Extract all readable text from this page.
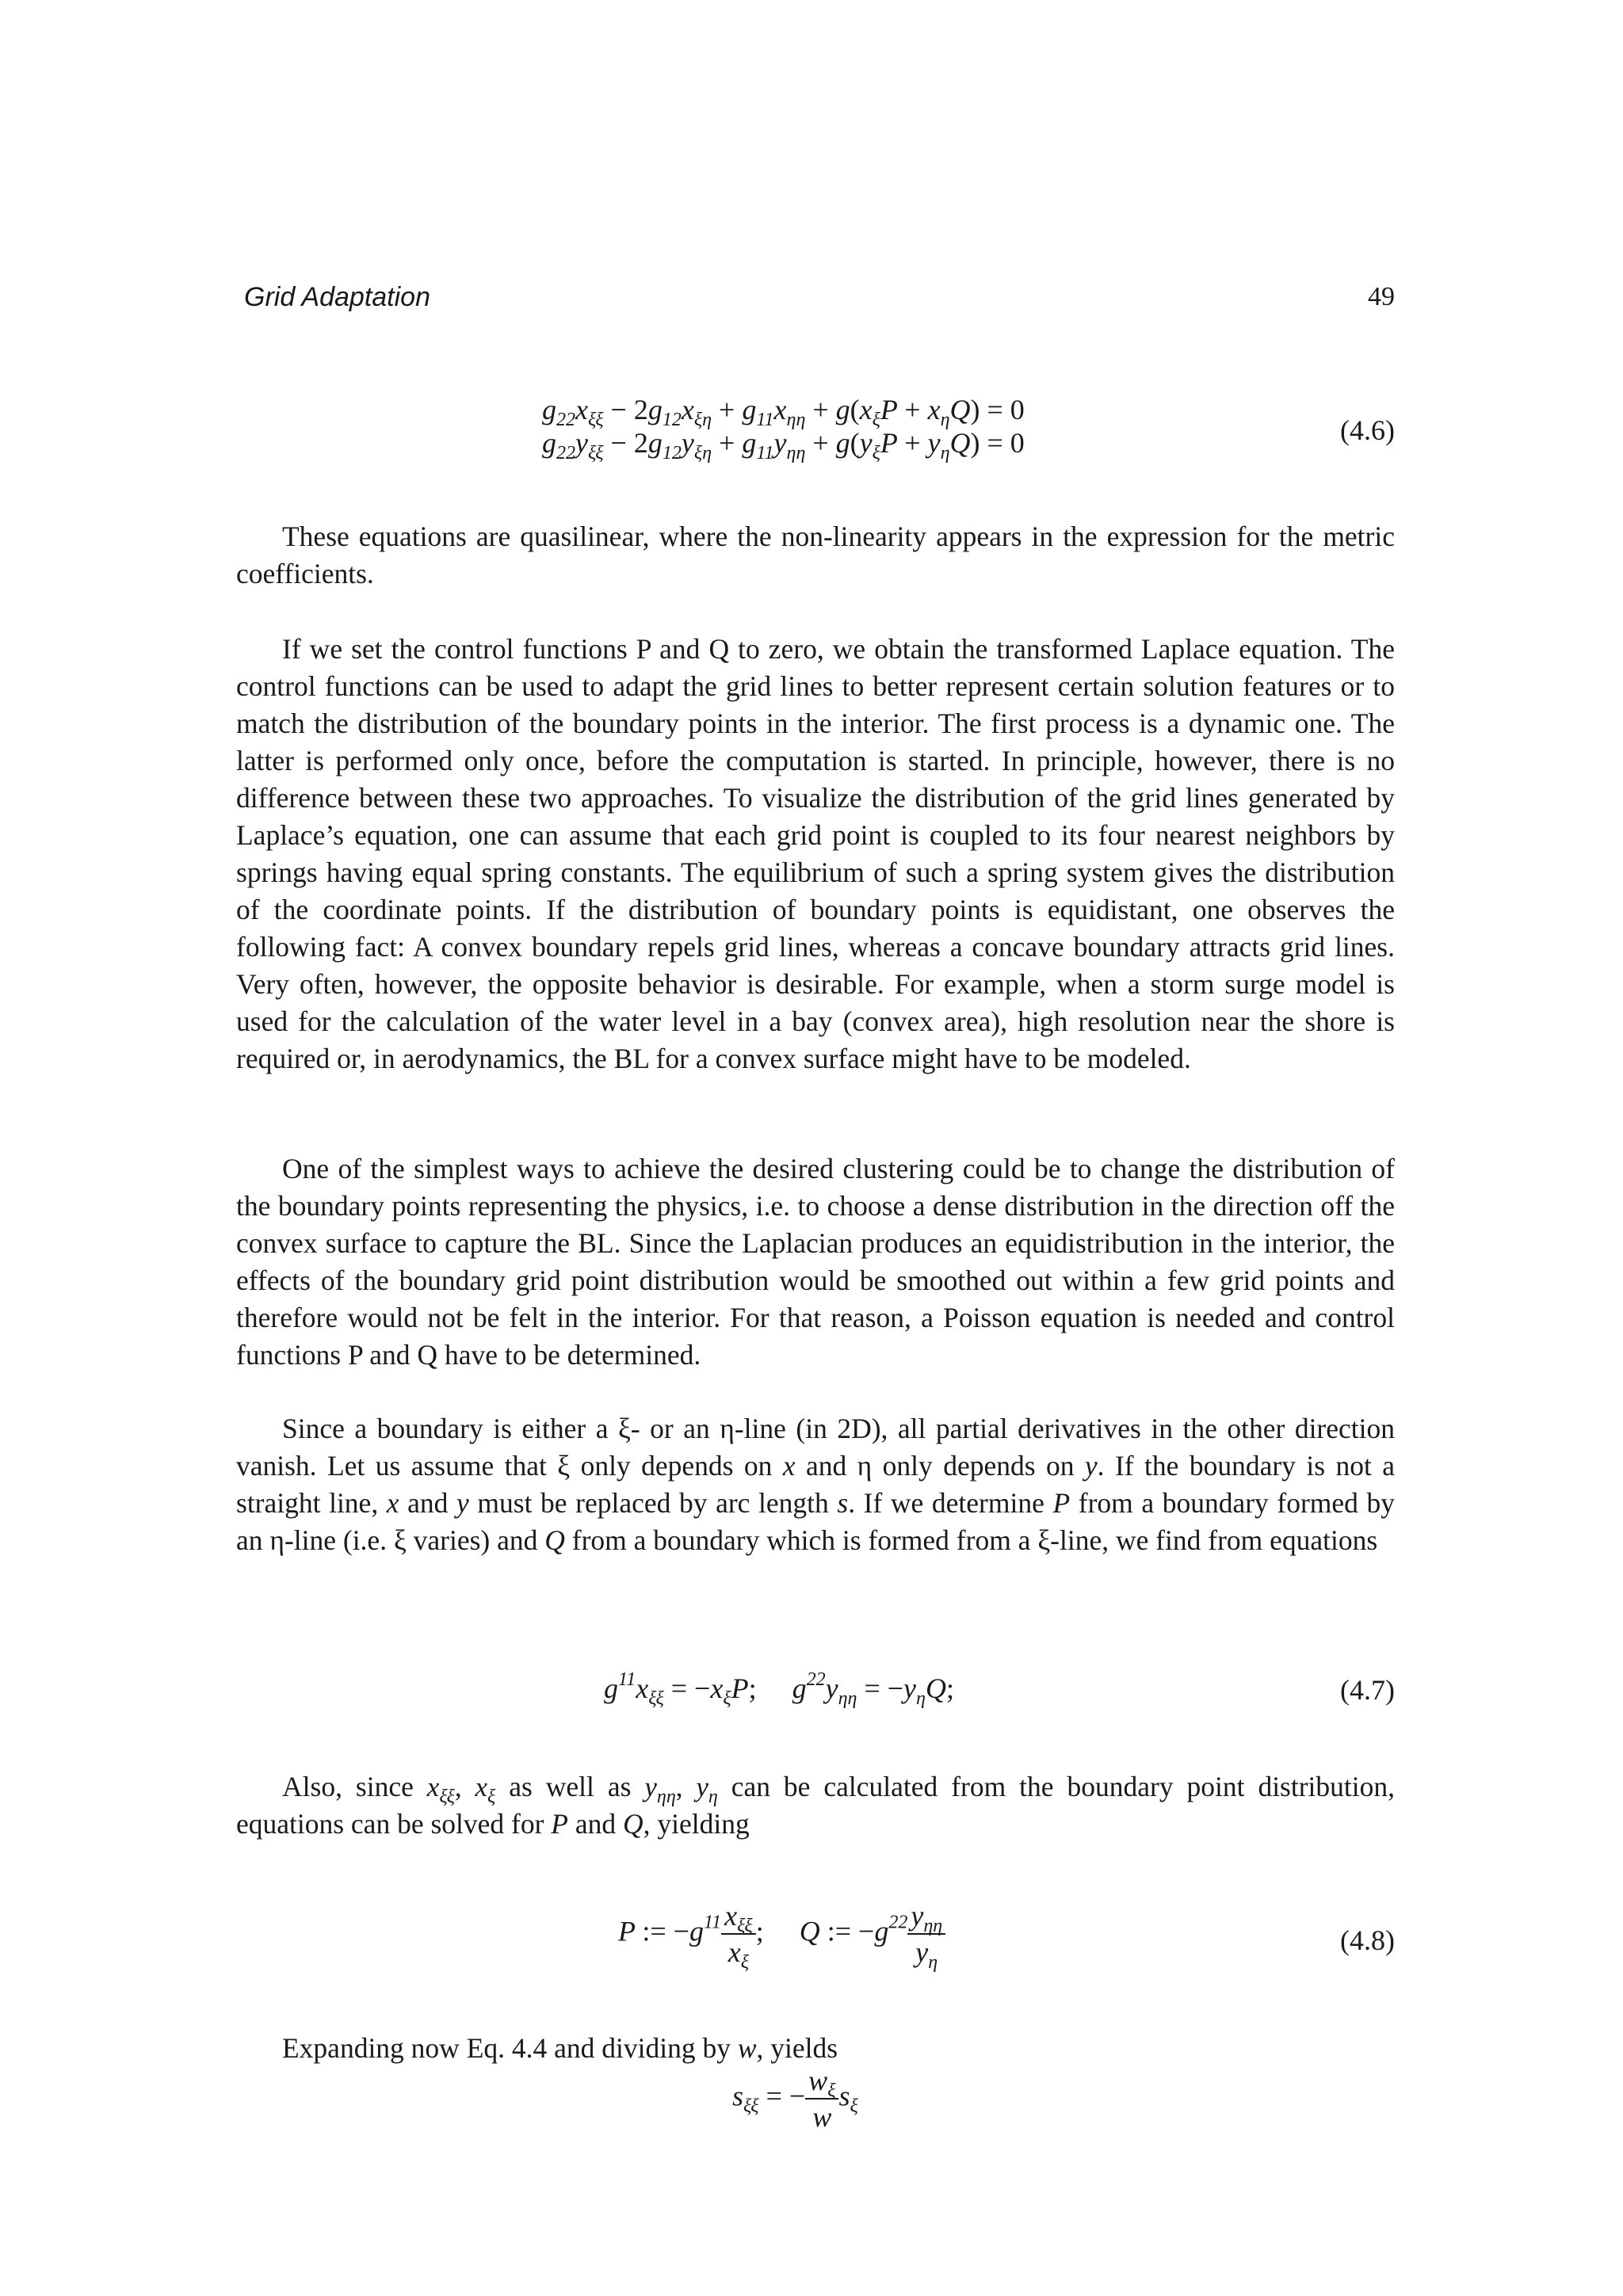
Grid Adaptation	49
$g_{22}x_{\xi\xi} - 2g_{12}x_{\xi\eta} + g_{11}x_{\eta\eta} + g(x_\xi P + x_\eta Q) = 0$
$g_{22}y_{\xi\xi} - 2g_{12}y_{\xi\eta} + g_{11}y_{\eta\eta} + g(y_\xi P + y_\eta Q) = 0$	(4.6)

These equations are quasilinear, where the non-linearity appears in the expression for the metric coefficients.

If we set the control functions P and Q to zero, we obtain the transformed Laplace equation. The control functions can be used to adapt the grid lines to better represent certain solution features or to match the distribution of the boundary points in the interior. The first process is a dynamic one. The latter is performed only once, before the computation is started. In principle, however, there is no difference between these two approaches. To visualize the distribution of the grid lines generated by Laplace’s equation, one can assume that each grid point is coupled to its four nearest neighbors by springs having equal spring constants. The equilibrium of such a spring system gives the distribution of the coordinate points. If the distribution of boundary points is equidistant, one observes the following fact: A convex boundary repels grid lines, whereas a concave boundary attracts grid lines. Very often, however, the opposite behavior is desirable. For example, when a storm surge model is used for the calculation of the water level in a bay (convex area), high resolution near the shore is required or, in aerodynamics, the BL for a convex surface might have to be modeled.

One of the simplest ways to achieve the desired clustering could be to change the distribution of the boundary points representing the physics, i.e. to choose a dense distribution in the direction off the convex surface to capture the BL. Since the Laplacian produces an equidistribution in the interior, the effects of the boundary grid point distribution would be smoothed out within a few grid points and therefore would not be felt in the interior. For that reason, a Poisson equation is needed and control functions P and Q have to be determined.

Since a boundary is either a ξ- or an η-line (in 2D), all partial derivatives in the other direction vanish. Let us assume that ξ only depends on x and η only depends on y. If the boundary is not a straight line, x and y must be replaced by arc length s. If we determine P from a boundary formed by an η-line (i.e. ξ varies) and Q from a boundary which is formed from a ξ-line, we find from equations

$g^{11}x_{\xi\xi} = -x_\xi P$;     $g^{22}y_{\eta\eta} = -y_\eta Q$;	(4.7)

Also, since $x_{\xi\xi}$, $x_\xi$ as well as $y_{\eta\eta}$, $y_\eta$ can be calculated from the boundary point distribution, equations can be solved for P and Q, yielding

P := $-g^{11} \frac{x_{\xi\xi}}{x_\xi}$ ;     Q := $-g^{22} \frac{y_{\eta\eta}}{y_\eta}$	(4.8)

Expanding now Eq. 4.4 and dividing by w, yields

$s_{\xi\xi}$ = − $\frac{w_\xi}{w} s_\xi$
